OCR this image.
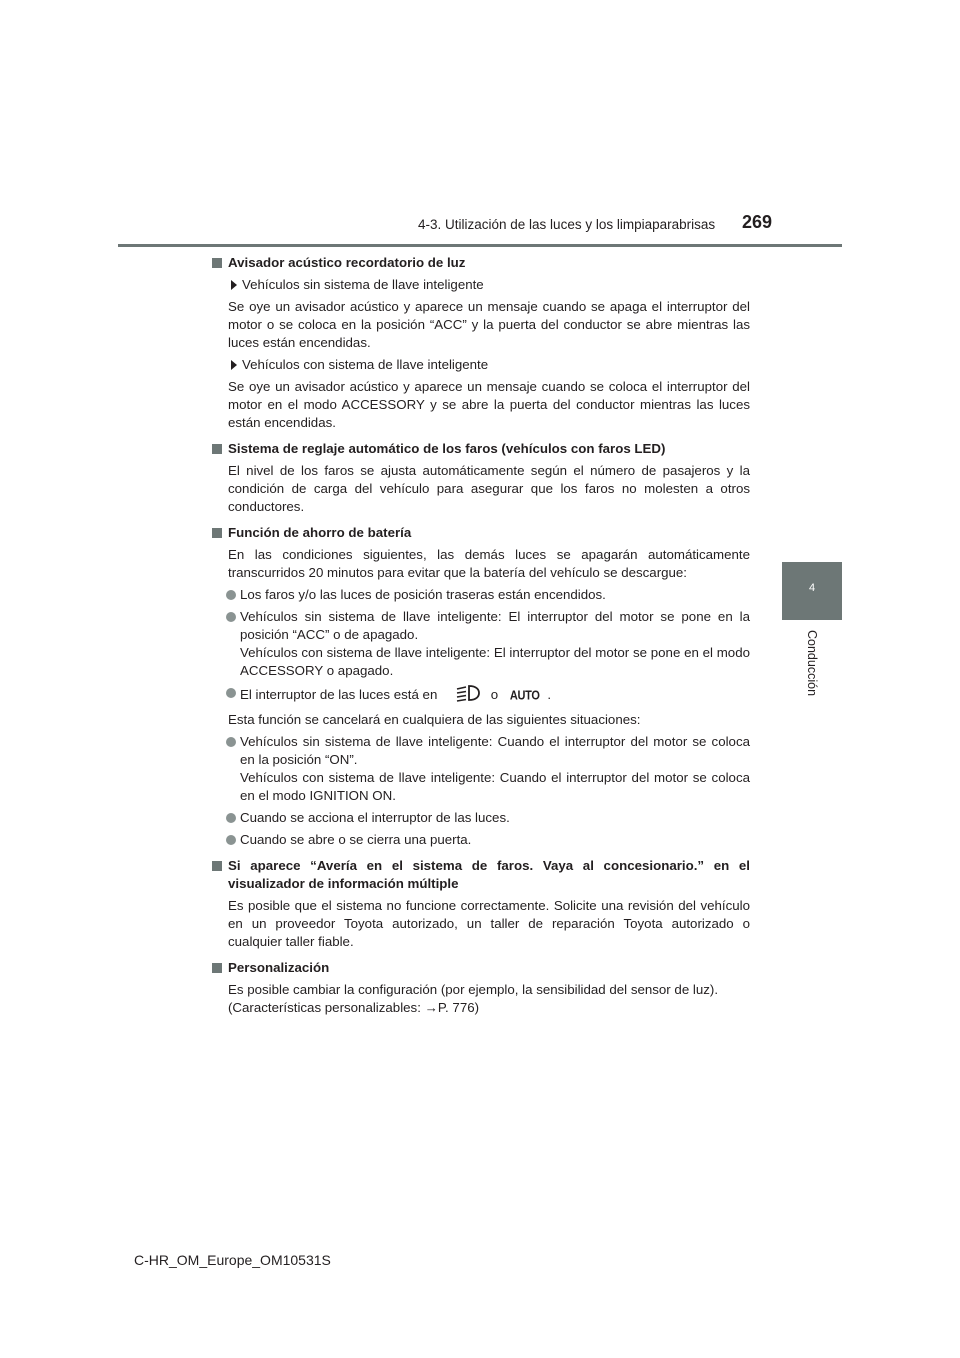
4-3. Utilización de las luces y los limpiaparabrisas 269
4
Conducción
Avisador acústico recordatorio de luz
Vehículos sin sistema de llave inteligente
Se oye un avisador acústico y aparece un mensaje cuando se apaga el interruptor del motor o se coloca en la posición “ACC” y la puerta del conductor se abre mientras las luces están encendidas.
Vehículos con sistema de llave inteligente
Se oye un avisador acústico y aparece un mensaje cuando se coloca el interruptor del motor en el modo ACCESSORY y se abre la puerta del conductor mientras las luces están encendidas.
Sistema de reglaje automático de los faros (vehículos con faros LED)
El nivel de los faros se ajusta automáticamente según el número de pasajeros y la condición de carga del vehículo para asegurar que los faros no molesten a otros conductores.
Función de ahorro de batería
En las condiciones siguientes, las demás luces se apagarán automáticamente transcurridos 20 minutos para evitar que la batería del vehículo se descargue:
Los faros y/o las luces de posición traseras están encendidos.
Vehículos sin sistema de llave inteligente: El interruptor del motor se pone en la posición “ACC” o de apagado.
Vehículos con sistema de llave inteligente: El interruptor del motor se pone en el modo ACCESSORY o apagado.
El interruptor de las luces está en	o AUTO .
Esta función se cancelará en cualquiera de las siguientes situaciones:
Vehículos sin sistema de llave inteligente: Cuando el interruptor del motor se coloca en la posición “ON”.
Vehículos con sistema de llave inteligente: Cuando el interruptor del motor se coloca en el modo IGNITION ON.
Cuando se acciona el interruptor de las luces.
Cuando se abre o se cierra una puerta.
Si aparece “Avería en el sistema de faros. Vaya al concesionario.” en el visualizador de información múltiple
Es posible que el sistema no funcione correctamente. Solicite una revisión del vehículo en un proveedor Toyota autorizado, un taller de reparación Toyota autorizado o cualquier taller fiable.
Personalización
Es posible cambiar la configuración (por ejemplo, la sensibilidad del sensor de luz).
(Características personalizables: →P. 776)
C-HR_OM_Europe_OM10531S
